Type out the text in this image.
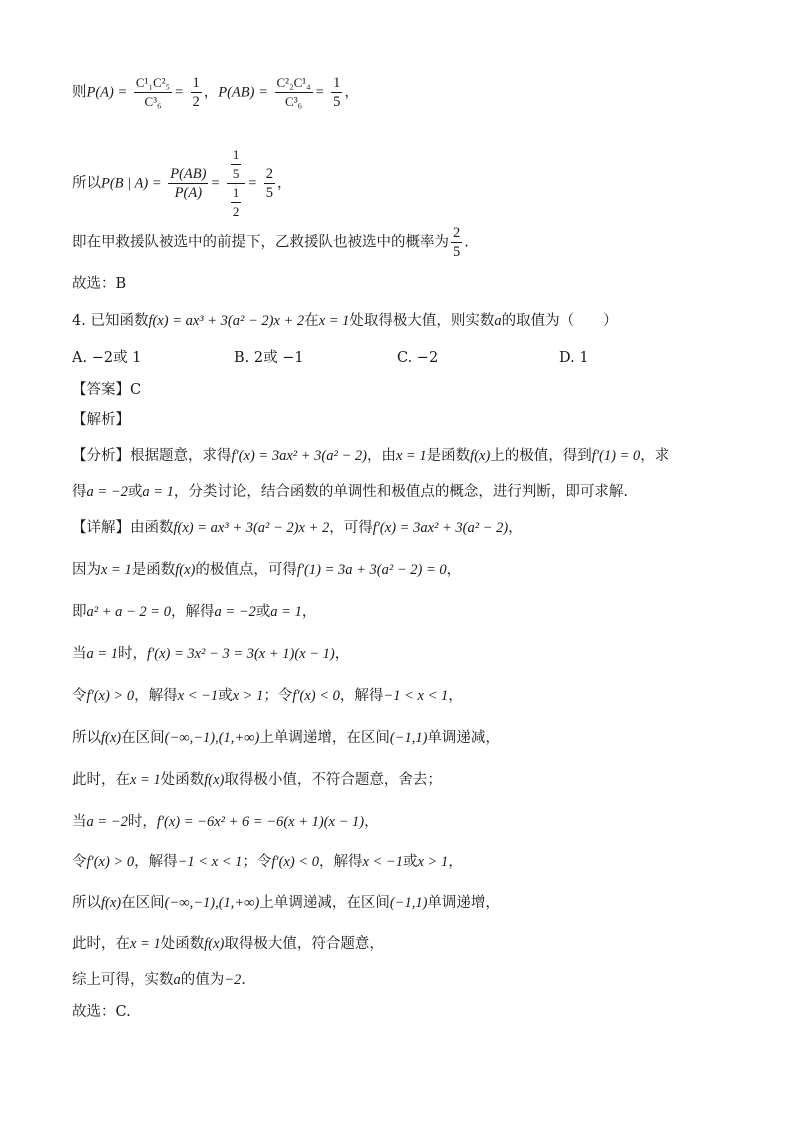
则$P(A) = \frac{\text{C¹₁C²₅}}{\text{C³₆}} = \frac{1}{2}$ ，$P(AB) = \frac{\text{C²₂C¹₄}}{\text{C³₆}} = \frac{1}{5}$ ，
所以P(B | $A) = \frac{P(AB)}{P(A)} = \frac{\frac{1}{5}}{\frac{1}{2}} = \frac{2}{5}$ ，
即在甲救援队被选中的前提下，乙救援队也被选中的概率为 $\frac{2}{5}$ .
故选：B
4. 已知函数f(x) = ax³ + 3(a² − 2)x + 2在x = 1处取得极大值，则实数a的取值为（　　）
A. −2或 1	B. 2或 −1	C. −2	D. 1
【答案】C
【解析】
【分析】根据题意，求得f′(x) = 3ax² + 3(a² − 2)，由x = 1是函数f(x)上的极值，得到f′(1) = 0，求
得a = −2或a = 1，分类讨论，结合函数的单调性和极值点的概念，进行判断，即可求解.
【详解】由函数f(x) = ax³ + 3(a² − 2)x + 2，可得f′(x) = 3ax² + 3(a² − 2)，
因为x = 1是函数f(x)的极值点，可得f′(1) = 3a + 3(a² − 2) = 0，
即a² + a − 2 = 0，解得a = −2或a = 1，
当a = 1时，f′(x) = 3x² − 3 = 3(x + 1)(x − 1)，
令f′(x) > 0，解得x < −1或x > 1；令f′(x) < 0，解得−1 < x < 1，
所以f(x)在区间(−∞,−1),(1,+∞)上单调递增，在区间(−1,1)单调递减，
此时，在x = 1处函数f(x)取得极小值，不符合题意，舍去；
当a = −2时，f′(x) = −6x² + 6 = −6(x + 1)(x − 1)，
令f′(x) > 0，解得−1 < x < 1；令f′(x) < 0，解得x < −1或x > 1，
所以f(x)在区间(−∞,−1),(1,+∞)上单调递减，在区间(−1,1)单调递增，
此时，在x = 1处函数f(x)取得极大值，符合题意，
综上可得，实数a的值为−2.
故选：C.
